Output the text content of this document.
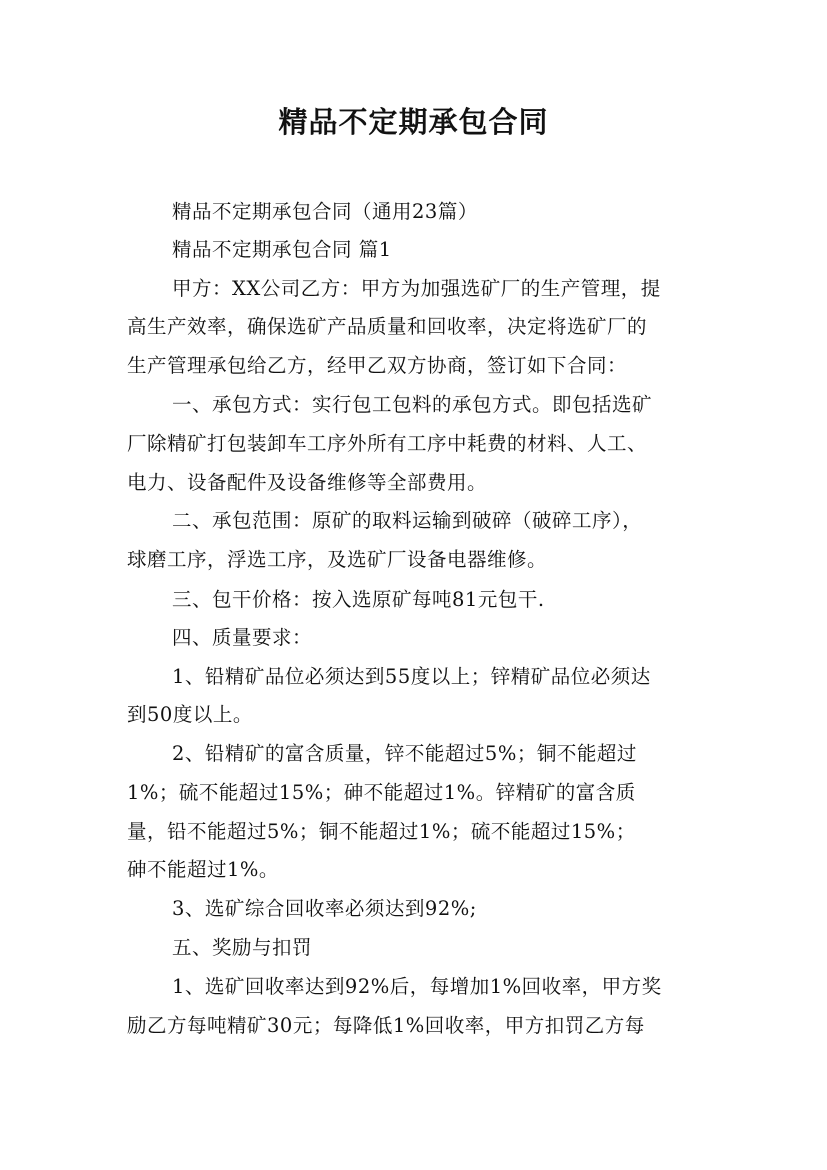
精品不定期承包合同
精品不定期承包合同（通用23篇）
精品不定期承包合同 篇1
甲方：XX公司乙方：甲方为加强选矿厂的生产管理，提
高生产效率，确保选矿产品质量和回收率，决定将选矿厂的
生产管理承包给乙方，经甲乙双方协商，签订如下合同：
一、承包方式：实行包工包料的承包方式。即包括选矿
厂除精矿打包装卸车工序外所有工序中耗费的材料、人工、
电力、设备配件及设备维修等全部费用。
二、承包范围：原矿的取料运输到破碎（破碎工序），
球磨工序，浮选工序，及选矿厂设备电器维修。
三、包干价格：按入选原矿每吨81元包干.
四、质量要求：
1、铅精矿品位必须达到55度以上；锌精矿品位必须达
到50度以上。
2、铅精矿的富含质量，锌不能超过5%；铜不能超过
1%；硫不能超过15%；砷不能超过1%。锌精矿的富含质
量，铅不能超过5%；铜不能超过1%；硫不能超过15%；
砷不能超过1%。
3、选矿综合回收率必须达到92%;
五、奖励与扣罚
1、选矿回收率达到92%后，每增加1%回收率，甲方奖
励乙方每吨精矿30元；每降低1%回收率，甲方扣罚乙方每
